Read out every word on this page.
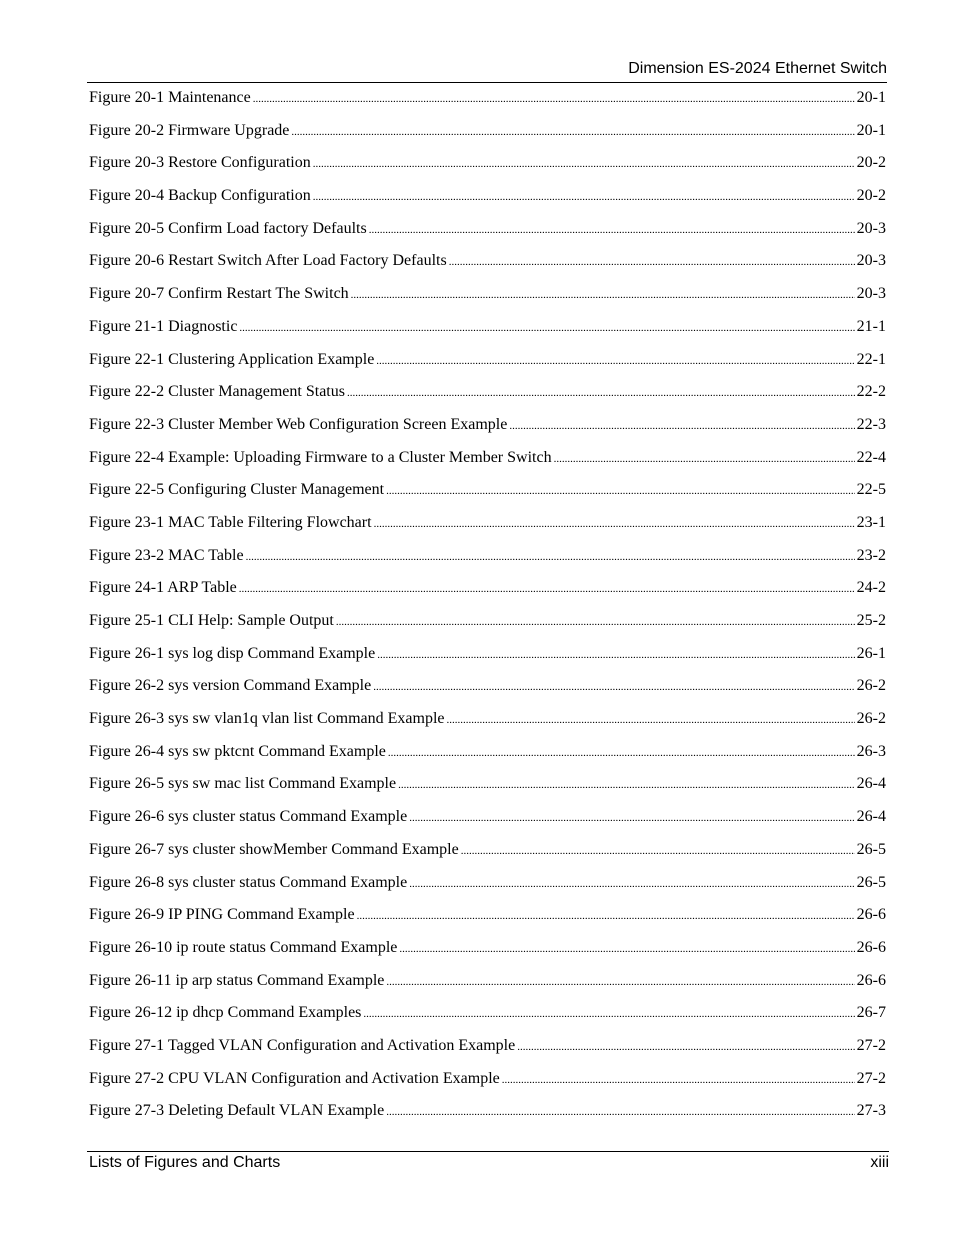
Dimension ES-2024 Ethernet Switch
Figure 20-1 Maintenance .....	20-1
Figure 20-2 Firmware Upgrade .....	20-1
Figure 20-3 Restore Configuration .....	20-2
Figure 20-4 Backup Configuration .....	20-2
Figure 20-5 Confirm Load factory Defaults .....	20-3
Figure 20-6 Restart Switch After Load Factory Defaults .....	20-3
Figure 20-7 Confirm Restart The Switch .....	20-3
Figure 21-1 Diagnostic .....	21-1
Figure 22-1 Clustering Application Example .....	22-1
Figure 22-2 Cluster Management Status .....	22-2
Figure 22-3 Cluster Member Web Configuration Screen Example .....	22-3
Figure 22-4 Example: Uploading Firmware to a Cluster Member Switch .....	22-4
Figure 22-5 Configuring Cluster Management .....	22-5
Figure 23-1 MAC Table Filtering Flowchart .....	23-1
Figure 23-2 MAC Table .....	23-2
Figure 24-1 ARP Table .....	24-2
Figure 25-1 CLI Help: Sample Output .....	25-2
Figure 26-1 sys log disp Command Example .....	26-1
Figure 26-2 sys version Command Example .....	26-2
Figure 26-3 sys sw vlan1q vlan list Command Example .....	26-2
Figure 26-4 sys sw pktcnt Command Example .....	26-3
Figure 26-5 sys sw mac list Command Example .....	26-4
Figure 26-6 sys cluster status Command Example .....	26-4
Figure 26-7 sys cluster showMember Command Example .....	26-5
Figure 26-8 sys cluster status Command Example .....	26-5
Figure 26-9 IP PING Command Example .....	26-6
Figure 26-10 ip route status Command Example .....	26-6
Figure 26-11 ip arp status Command Example .....	26-6
Figure 26-12 ip dhcp Command Examples .....	26-7
Figure 27-1 Tagged VLAN Configuration and Activation Example .....	27-2
Figure 27-2 CPU VLAN Configuration and Activation Example .....	27-2
Figure 27-3 Deleting Default VLAN Example .....	27-3
Lists of Figures and Charts	xiii
